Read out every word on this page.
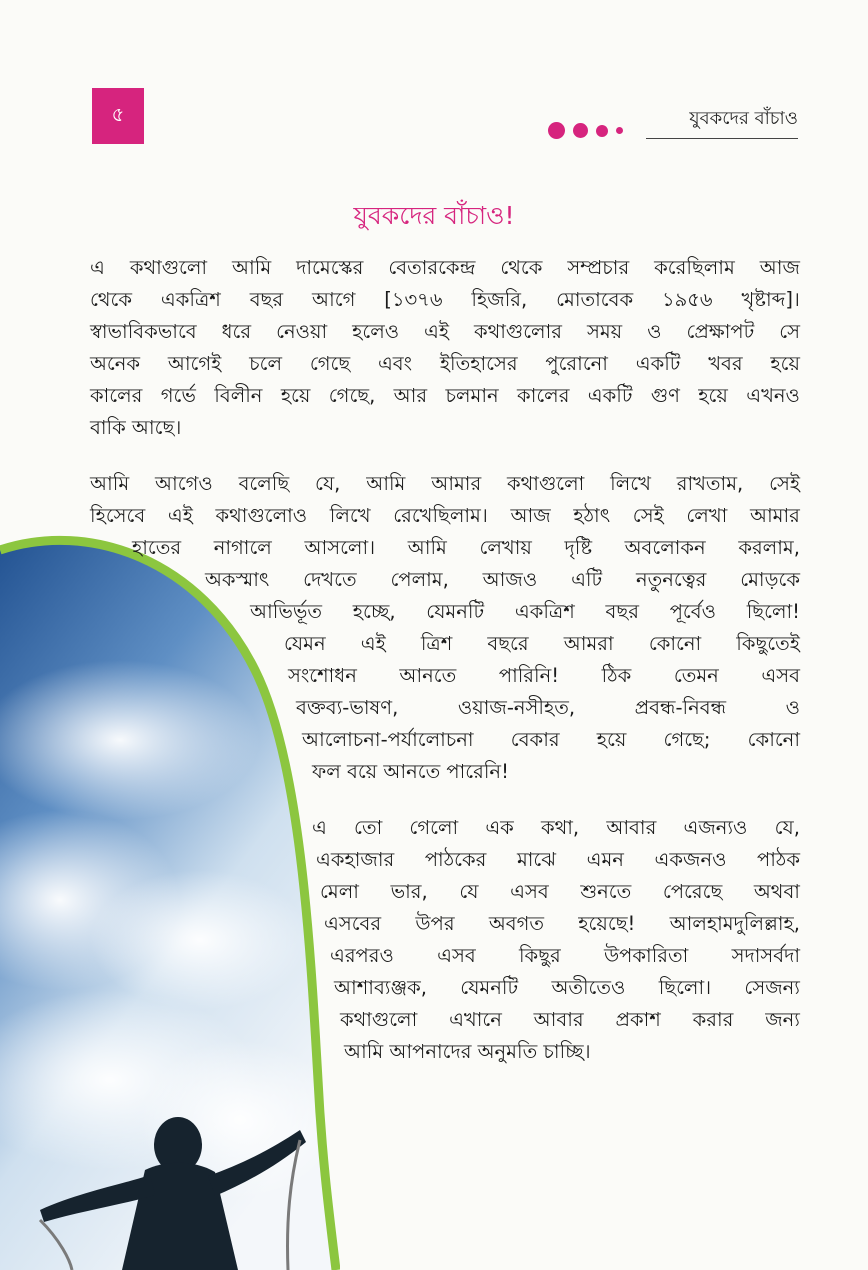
৫	যুবকদের বাঁচাও
যুবকদের বাঁচাও!
এ কথাগুলো আমি দামেস্কের বেতারকেন্দ্র থেকে সম্প্রচার করেছিলাম আজ
থেকে একত্রিশ বছর আগে [১৩৭৬ হিজরি, মোতাবেক ১৯৫৬ খৃষ্টাব্দ]।
স্বাভাবিকভাবে ধরে নেওয়া হলেও এই কথাগুলোর সময় ও প্রেক্ষাপট সে
অনেক আগেই চলে গেছে এবং ইতিহাসের পুরোনো একটি খবর হয়ে
কালের গর্ভে বিলীন হয়ে গেছে, আর চলমান কালের একটি গুণ হয়ে এখনও
বাকি আছে।
আমি আগেও বলেছি যে, আমি আমার কথাগুলো লিখে রাখতাম, সেই
হিসেবে এই কথাগুলোও লিখে রেখেছিলাম। আজ হঠাৎ সেই লেখা আমার
হাতের নাগালে আসলো। আমি লেখায় দৃষ্টি অবলোকন করলাম,
অকস্মাৎ দেখতে পেলাম, আজও এটি নতুনত্বের মোড়কে
আভির্ভূত হচ্ছে, যেমনটি একত্রিশ বছর পূর্বেও ছিলো!
যেমন এই ত্রিশ বছরে আমরা কোনো কিছুতেই
সংশোধন আনতে পারিনি! ঠিক তেমন এসব
বক্তব্য-ভাষণ,	ওয়াজ-নসীহত,	প্রবন্ধ-নিবন্ধ	ও
আলোচনা-পর্যালোচনা বেকার হয়ে গেছে; কোনো
ফল বয়ে আনতে পারেনি!
এ তো গেলো এক কথা, আবার এজন্যও যে,
একহাজার পাঠকের মাঝে এমন একজনও পাঠক
মেলা ভার, যে এসব শুনতে পেরেছে অথবা
এসবের উপর অবগত হয়েছে! আলহামদুলিল্লাহ,
এরপরও এসব কিছুর উপকারিতা সদাসর্বদা
আশাব্যঞ্জক, যেমনটি অতীতেও ছিলো। সেজন্য
কথাগুলো এখানে আবার প্রকাশ করার জন্য
আমি আপনাদের অনুমতি চাচ্ছি।
